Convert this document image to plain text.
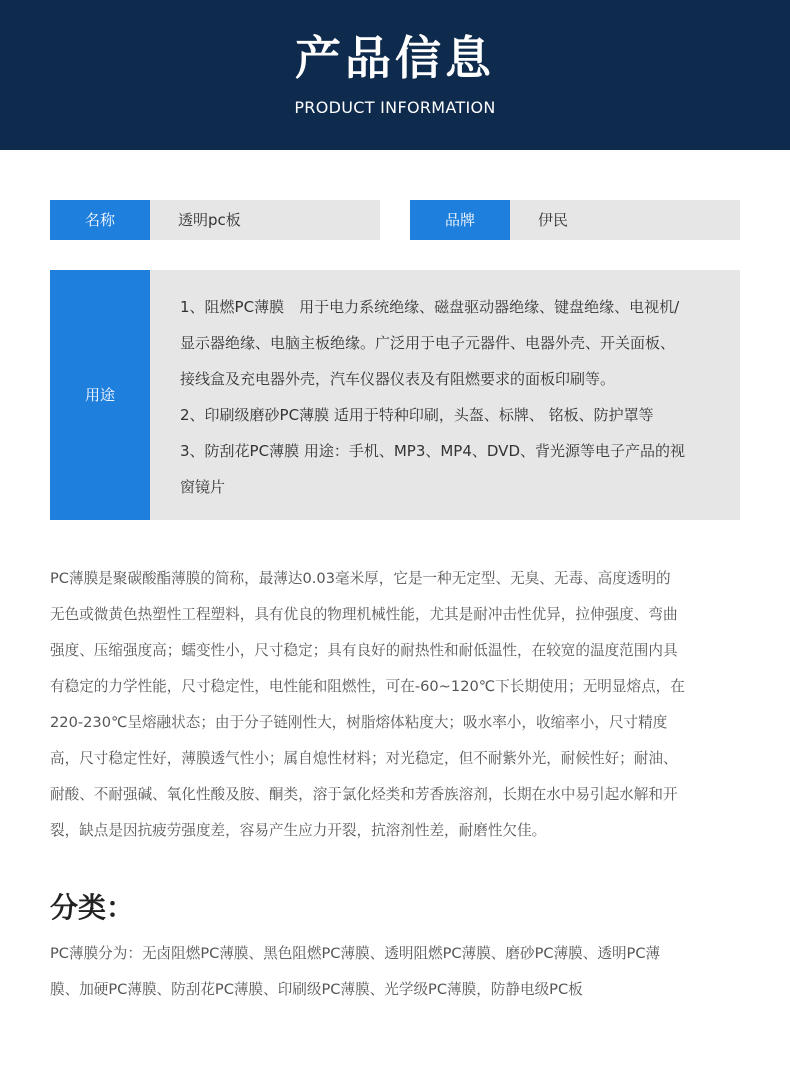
产品信息
PRODUCT INFORMATION
名称	透明pc板	品牌	伊民
用途
1、阻燃PC薄膜　用于电力系统绝缘、磁盘驱动器绝缘、键盘绝缘、电视机/
显示器绝缘、电脑主板绝缘。广泛用于电子元器件、电器外壳、开关面板、
接线盒及充电器外壳，汽车仪器仪表及有阻燃要求的面板印刷等。
2、印刷级磨砂PC薄膜 适用于特种印刷，头盔、标牌、 铭板、防护罩等
3、防刮花PC薄膜 用途：手机、MP3、MP4、DVD、背光源等电子产品的视
窗镜片
PC薄膜是聚碳酸酯薄膜的简称，最薄达0.03毫米厚，它是一种无定型、无臭、无毒、高度透明的
无色或微黄色热塑性工程塑料，具有优良的物理机械性能，尤其是耐冲击性优异，拉伸强度、弯曲
强度、压缩强度高；蠕变性小，尺寸稳定；具有良好的耐热性和耐低温性，在较宽的温度范围内具
有稳定的力学性能，尺寸稳定性，电性能和阻燃性，可在-60~120℃下长期使用；无明显熔点，在
220-230℃呈熔融状态；由于分子链刚性大，树脂熔体粘度大；吸水率小，收缩率小，尺寸精度
高，尺寸稳定性好，薄膜透气性小；属自熄性材料；对光稳定，但不耐紫外光，耐候性好；耐油、
耐酸、不耐强碱、氧化性酸及胺、酮类，溶于氯化烃类和芳香族溶剂，长期在水中易引起水解和开
裂，缺点是因抗疲劳强度差，容易产生应力开裂，抗溶剂性差，耐磨性欠佳。
分类：
PC薄膜分为：无卤阻燃PC薄膜、黑色阻燃PC薄膜、透明阻燃PC薄膜、磨砂PC薄膜、透明PC薄
膜、加硬PC薄膜、防刮花PC薄膜、印刷级PC薄膜、光学级PC薄膜，防静电级PC板
